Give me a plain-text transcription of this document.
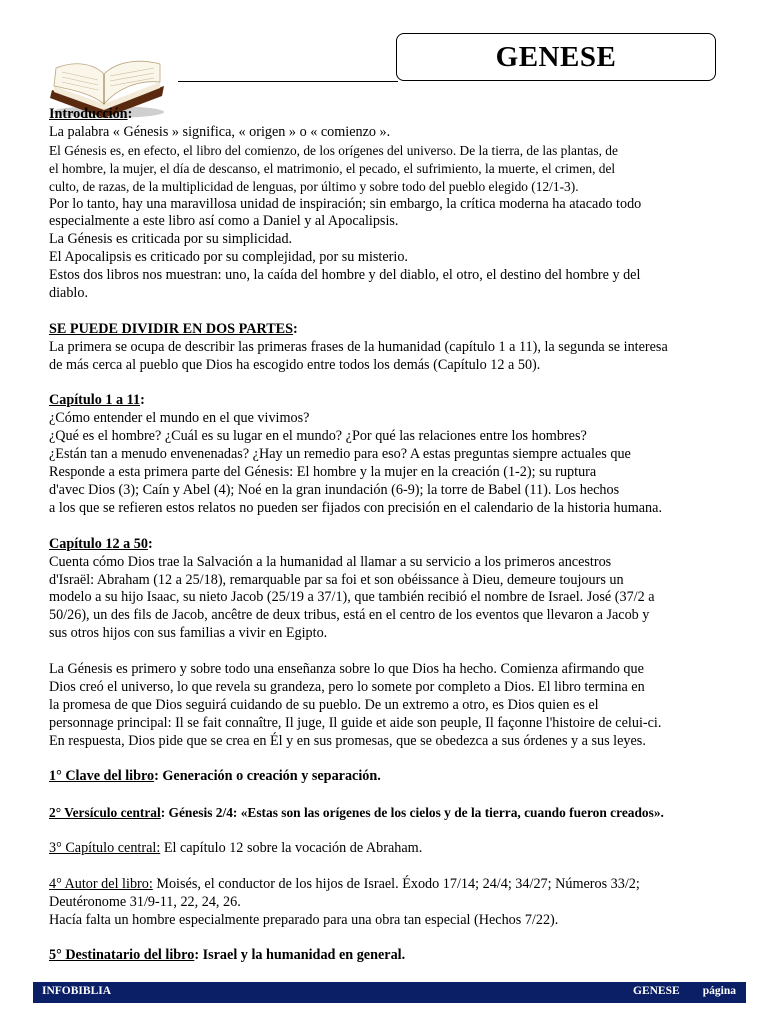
GENESE

Introducción:

La palabra « Génesis » significa, « origen » o « comienzo ».

El Génesis es, en efecto, el libro del comienzo, de los orígenes del universo. De la tierra, de las plantas, de

el hombre, la mujer, el día de descanso, el matrimonio, el pecado, el sufrimiento, la muerte, el crimen, del

culto, de razas, de la multiplicidad de lenguas, por último y sobre todo del pueblo elegido (12/1-3).

Por lo tanto, hay una maravillosa unidad de inspiración; sin embargo, la crítica moderna ha atacado todo

especialmente a este libro así como a Daniel y al Apocalipsis.

La Génesis es criticada por su simplicidad.

El Apocalipsis es criticado por su complejidad, por su misterio.

Estos dos libros nos muestran: uno, la caída del hombre y del diablo, el otro, el destino del hombre y del

diablo.

SE PUEDE DIVIDIR EN DOS PARTES:

La primera se ocupa de describir las primeras frases de la humanidad (capítulo 1 a 11), la segunda se interesa

de más cerca al pueblo que Dios ha escogido entre todos los demás (Capítulo 12 a 50).

Capítulo 1 a 11:

¿Cómo entender el mundo en el que vivimos?

¿Qué es el hombre? ¿Cuál es su lugar en el mundo? ¿Por qué las relaciones entre los hombres?

¿Están tan a menudo envenenadas? ¿Hay un remedio para eso? A estas preguntas siempre actuales que

Responde a esta primera parte del Génesis: El hombre y la mujer en la creación (1-2); su ruptura

d'avec Dios (3); Caín y Abel (4); Noé en la gran inundación (6-9); la torre de Babel (11). Los hechos

a los que se refieren estos relatos no pueden ser fijados con precisión en el calendario de la historia humana.

Capítulo 12 a 50:

Cuenta cómo Dios trae la Salvación a la humanidad al llamar a su servicio a los primeros ancestros

d'Israël: Abraham (12 a 25/18), remarquable par sa foi et son obéissance à Dieu, demeure toujours un

modelo a su hijo Isaac, su nieto Jacob (25/19 a 37/1), que también recibió el nombre de Israel. José (37/2 a

50/26), un des fils de Jacob, ancêtre de deux tribus, está en el centro de los eventos que llevaron a Jacob y

sus otros hijos con sus familias a vivir en Egipto.

La Génesis es primero y sobre todo una enseñanza sobre lo que Dios ha hecho. Comienza afirmando que

Dios creó el universo, lo que revela su grandeza, pero lo somete por completo a Dios. El libro termina en

la promesa de que Dios seguirá cuidando de su pueblo. De un extremo a otro, es Dios quien es el

personnage principal: Il se fait connaître, Il juge, Il guide et aide son peuple, Il façonne l'histoire de celui-ci.

En respuesta, Dios pide que se crea en Él y en sus promesas, que se obedezca a sus órdenes y a sus leyes.

1° Clave del libro: Generación o creación y separación.

2° Versículo central: Génesis 2/4: «Estas son las orígenes de los cielos y de la tierra, cuando fueron creados».

3° Capítulo central: El capítulo 12 sobre la vocación de Abraham.

4° Autor del libro: Moisés, el conductor de los hijos de Israel. Éxodo 17/14; 24/4; 34/27; Números 33/2;

Deutéronome 31/9-11, 22, 24, 26.

Hacía falta un hombre especialmente preparado para una obra tan especial (Hechos 7/22).

5° Destinatario del libro: Israel y la humanidad en general.

INFOBIBLIA	GENESE página
